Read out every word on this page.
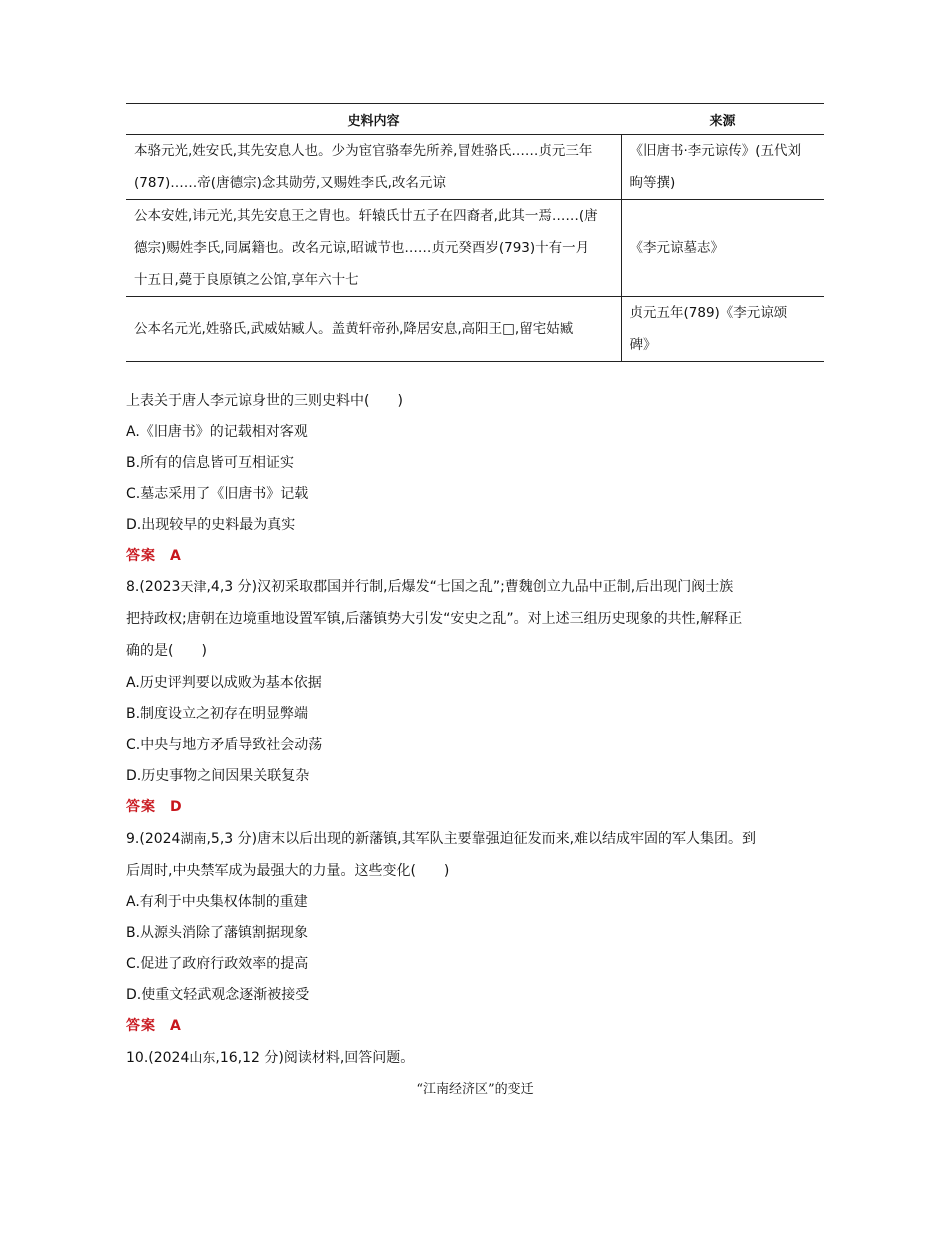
史料内容	来源
本骆元光,姓安氏,其先安息人也。少为宦官骆奉先所养,冒姓骆氏……贞元三年
(787)……帝(唐德宗)念其勋劳,又赐姓李氏,改名元谅	《旧唐书·李元谅传》(五代刘
昫等撰)
公本安姓,讳元光,其先安息王之胄也。轩辕氏廿五子在四裔者,此其一焉……(唐
德宗)赐姓李氏,同属籍也。改名元谅,昭诚节也……贞元癸酉岁(793)十有一月
十五日,薨于良原镇之公馆,享年六十七	《李元谅墓志》
公本名元光,姓骆氏,武威姑臧人。盖黄轩帝孙,降居安息,高阳王□,留宅姑臧	贞元五年(789)《李元谅颂
碑》
上表关于唐人李元谅身世的三则史料中(　　)
A.《旧唐书》的记载相对客观
B.所有的信息皆可互相证实
C.墓志采用了《旧唐书》记载
D.出现较早的史料最为真实
答案 A
8.(2023天津,4,3 分)汉初采取郡国并行制,后爆发“七国之乱”;曹魏创立九品中正制,后出现门阀士族
把持政权;唐朝在边境重地设置军镇,后藩镇势大引发“安史之乱”。对上述三组历史现象的共性,解释正
确的是(　　)
A.历史评判要以成败为基本依据
B.制度设立之初存在明显弊端
C.中央与地方矛盾导致社会动荡
D.历史事物之间因果关联复杂
答案 D
9.(2024湖南,5,3 分)唐末以后出现的新藩镇,其军队主要靠强迫征发而来,难以结成牢固的军人集团。到
后周时,中央禁军成为最强大的力量。这些变化(　　)
A.有利于中央集权体制的重建
B.从源头消除了藩镇割据现象
C.促进了政府行政效率的提高
D.使重文轻武观念逐渐被接受
答案 A
10.(2024山东,16,12 分)阅读材料,回答问题。
“江南经济区”的变迁
